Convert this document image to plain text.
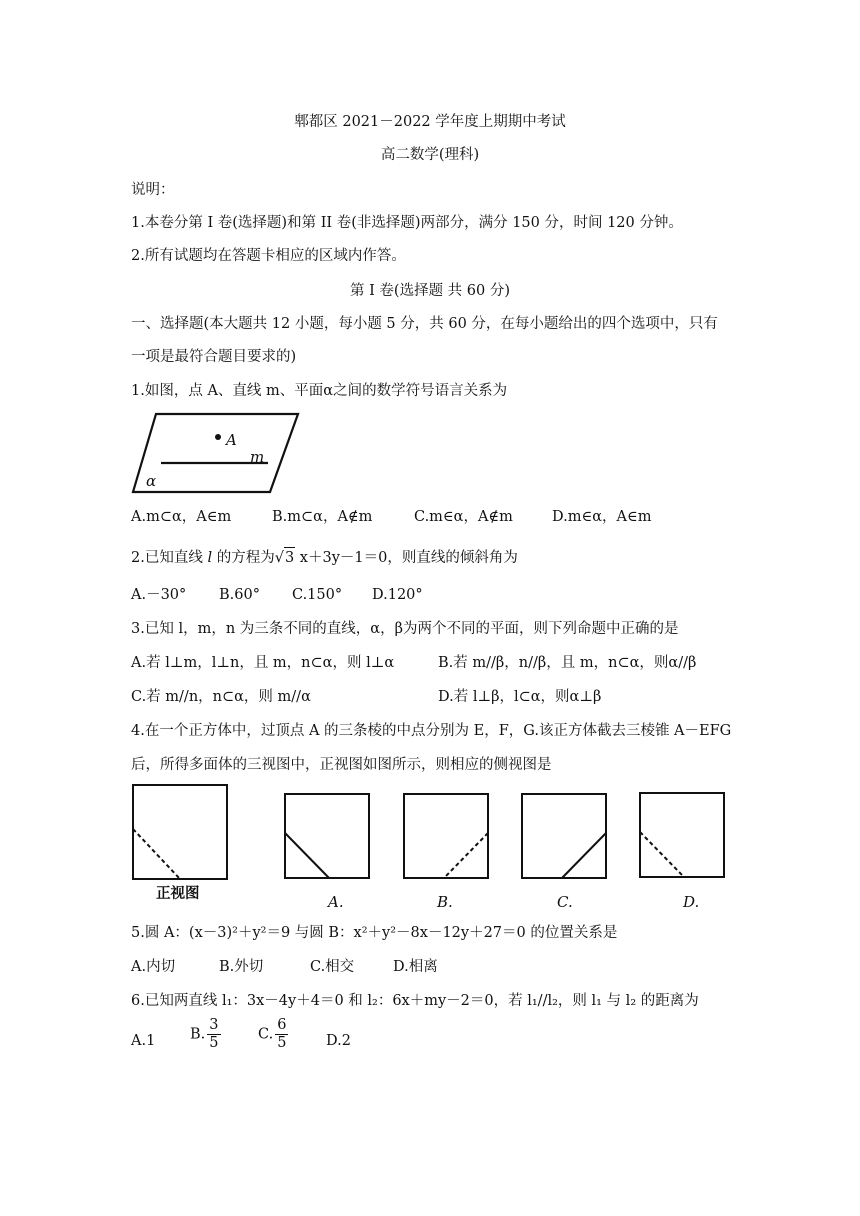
郫都区 2021－2022 学年度上期期中考试
高二数学(理科)
说明：
1.本卷分第 I 卷(选择题)和第 II 卷(非选择题)两部分，满分 150 分，时间 120 分钟。
2.所有试题均在答题卡相应的区域内作答。
第 I 卷(选择题 共 60 分)
一、选择题(本大题共 12 小题，每小题 5 分，共 60 分，在每小题给出的四个选项中，只有
一项是最符合题目要求的)
1.如图，点 A、直线 m、平面α之间的数学符号语言关系为
A
m
α
A.m⊂α，A∈m	B.m⊂α，A∉m	C.m∈α，A∉m	D.m∈α，A∈m
2.已知直线 l 的方程为√3 x＋3y－1＝0，则直线的倾斜角为
A.－30° B.60° C.150° D.120°
3.已知 l，m，n 为三条不同的直线，α，β为两个不同的平面，则下列命题中正确的是
A.若 l⊥m，l⊥n，且 m，n⊂α，则 l⊥α	B.若 m//β，n//β，且 m，n⊂α，则α//β
C.若 m//n，n⊂α，则 m//α	D.若 l⊥β，l⊂α，则α⊥β
4.在一个正方体中，过顶点 A 的三条棱的中点分别为 E，F，G.该正方体截去三棱锥 A－EFG
后，所得多面体的三视图中，正视图如图所示，则相应的侧视图是
正视图	A.	B.	C.	D.
5.圆 A：(x－3)²＋y²＝9 与圆 B：x²＋y²－8x－12y＋27＝0 的位置关系是
A.内切	B.外切	C.相交	D.相离
6.已知两直线 l₁：3x－4y＋4＝0 和 l₂：6x＋my－2＝0，若 l₁//l₂，则 l₁ 与 l₂ 的距离为
A.1 B. $\frac{3}{5}$	C. $\frac{6}{5}$	D.2
